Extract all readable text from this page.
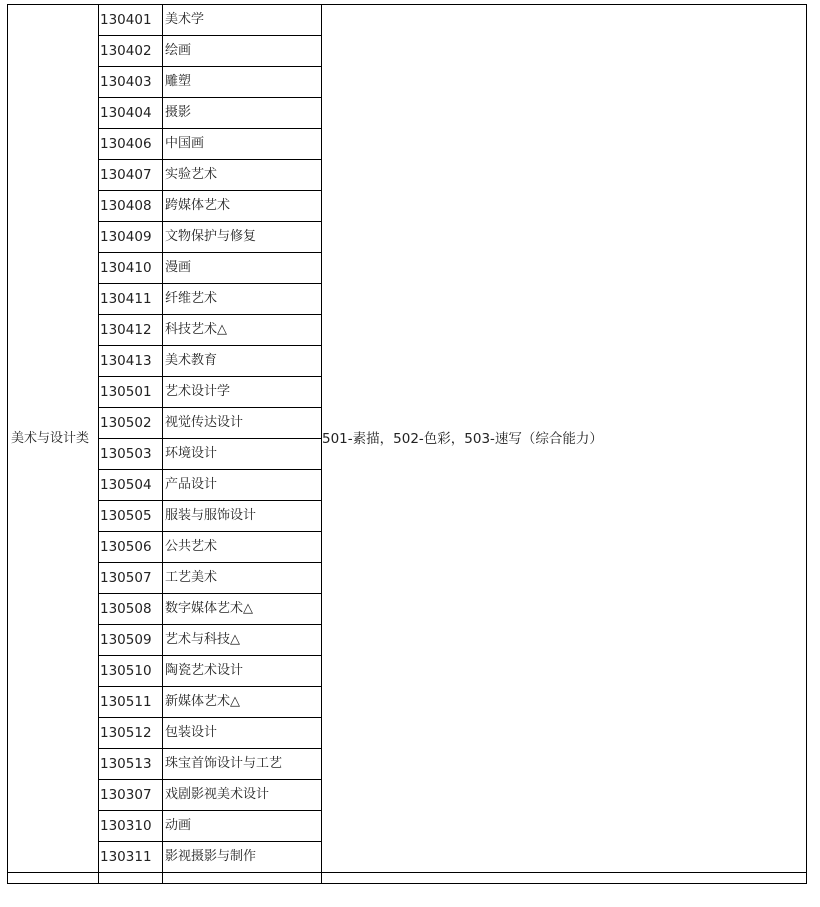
美术与设计类	130401	美术学	501-素描，502-色彩，503-速写（综合能力）
	130402	绘画	
	130403	雕塑	
	130404	摄影	
	130406	中国画	
	130407	实验艺术	
	130408	跨媒体艺术	
	130409	文物保护与修复	
	130410	漫画	
	130411	纤维艺术	
	130412	科技艺术△	
	130413	美术教育	
	130501	艺术设计学	
	130502	视觉传达设计	
	130503	环境设计	
	130504	产品设计	
	130505	服装与服饰设计	
	130506	公共艺术	
	130507	工艺美术	
	130508	数字媒体艺术△	
	130509	艺术与科技△	
	130510	陶瓷艺术设计	
	130511	新媒体艺术△	
	130512	包装设计	
	130513	珠宝首饰设计与工艺	
	130307	戏剧影视美术设计	
	130310	动画	
	130311	影视摄影与制作	
